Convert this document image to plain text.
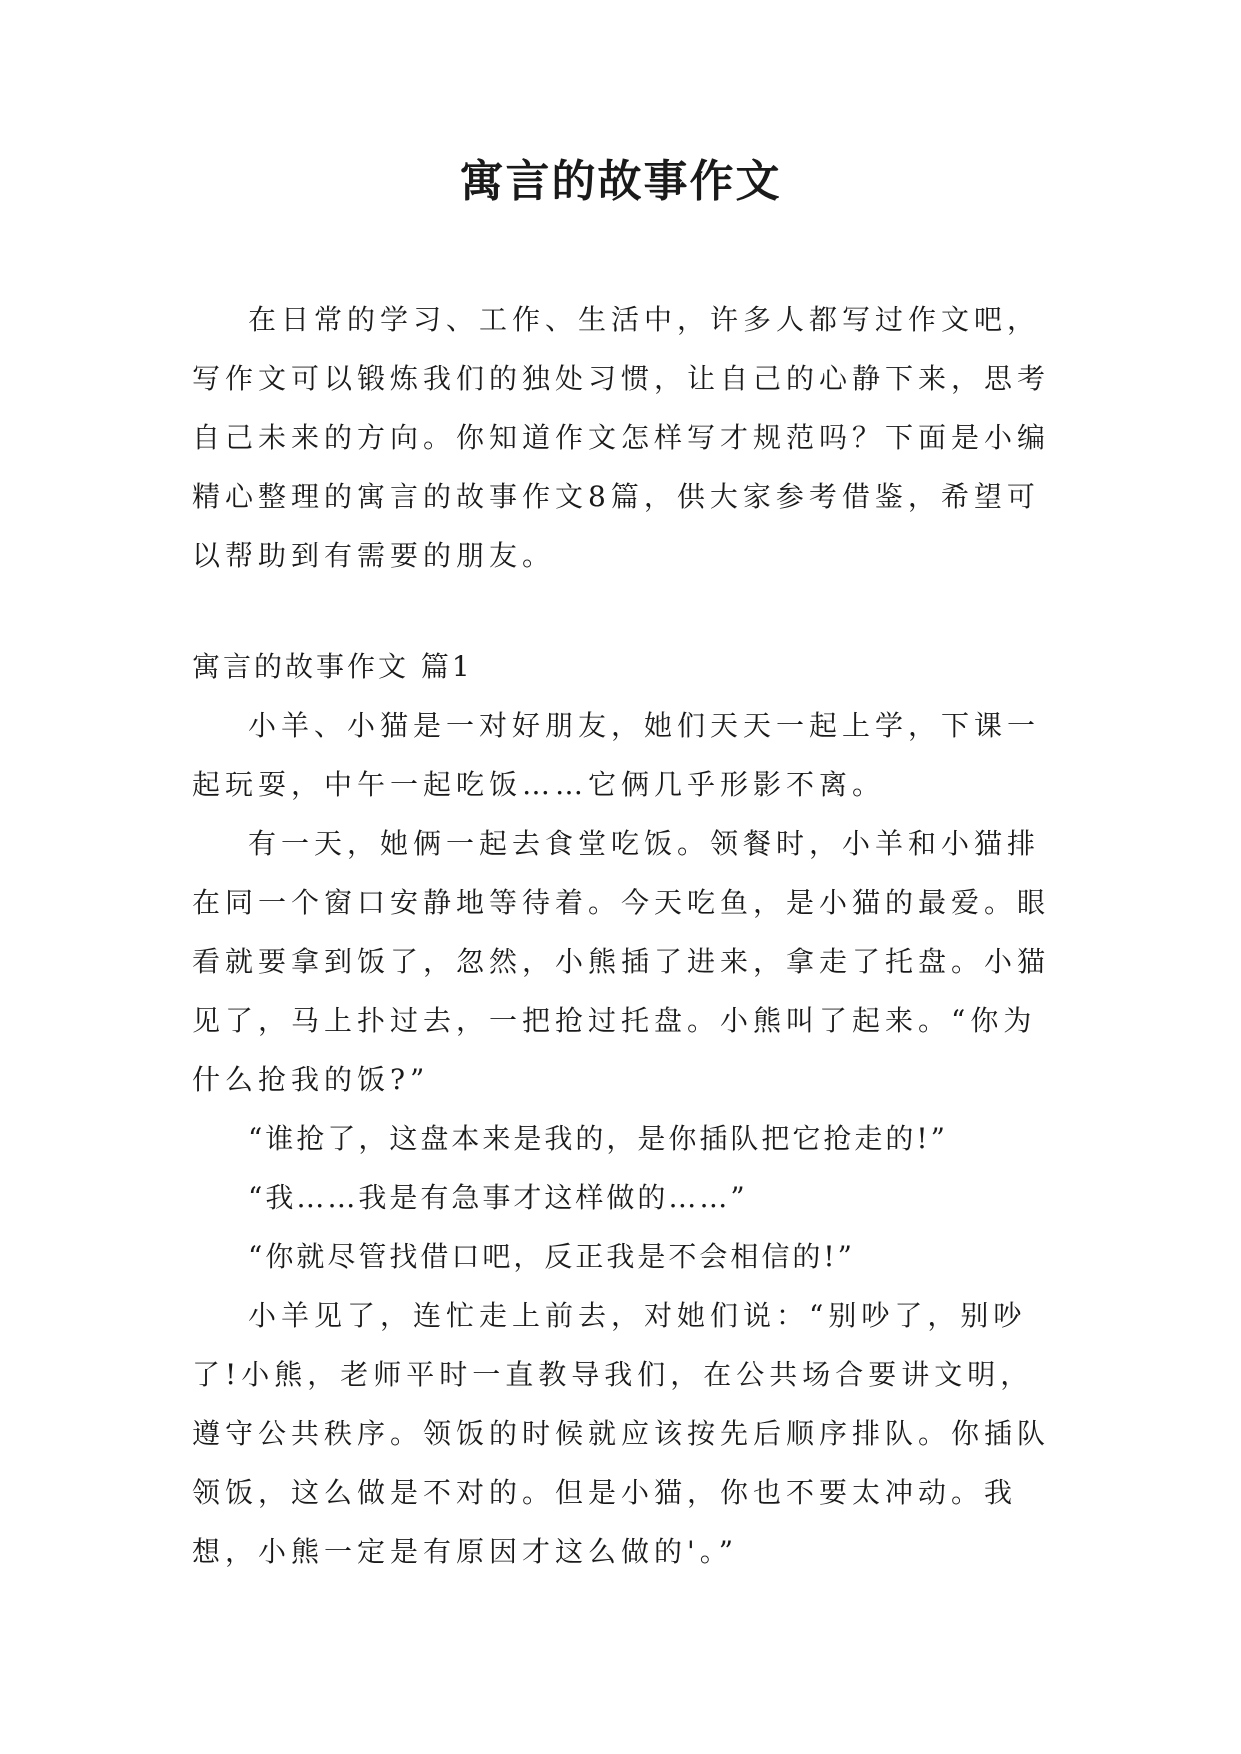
寓言的故事作文

在日常的学习、工作、生活中，许多人都写过作文吧，写作文可以锻炼我们的独处习惯，让自己的心静下来，思考自己未来的方向。你知道作文怎样写才规范吗？下面是小编精心整理的寓言的故事作文8篇，供大家参考借鉴，希望可以帮助到有需要的朋友。

寓言的故事作文 篇1

小羊、小猫是一对好朋友，她们天天一起上学，下课一起玩耍，中午一起吃饭……它俩几乎形影不离。

有一天，她俩一起去食堂吃饭。领餐时，小羊和小猫排在同一个窗口安静地等待着。今天吃鱼，是小猫的最爱。眼看就要拿到饭了，忽然，小熊插了进来，拿走了托盘。小猫见了，马上扑过去，一把抢过托盘。小熊叫了起来。“你为什么抢我的饭?”

“谁抢了，这盘本来是我的，是你插队把它抢走的!”

“我……我是有急事才这样做的……”

“你就尽管找借口吧，反正我是不会相信的!”

小羊见了，连忙走上前去，对她们说：“别吵了，别吵了!小熊，老师平时一直教导我们，在公共场合要讲文明，遵守公共秩序。领饭的时候就应该按先后顺序排队。你插队领饭，这么做是不对的。但是小猫，你也不要太冲动。我想，小熊一定是有原因才这么做的'。”
